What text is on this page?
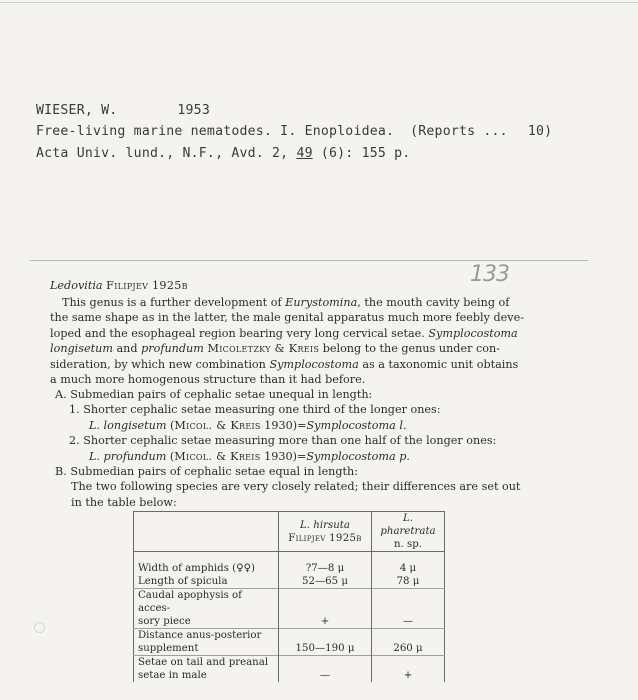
WIESER, W.	1953
Free-living marine nematodes. I. Enoploidea. (Reports ... 10)
Acta Univ. lund., N.F., Avd. 2, 49 (6): 155 p.
133
Ledovitia Filipjev 1925b
This genus is a further development of Eurystomina, the mouth cavity being of
the same shape as in the latter, the male genital apparatus much more feebly deve-
loped and the esophageal region bearing very long cervical setae. Symplocostoma
longisetum and profundum Micoletzky & Kreis belong to the genus under con-
sideration, by which new combination Symplocostoma as a taxonomic unit obtains
a much more homogenous structure than it had before.
A. Submedian pairs of cephalic setae unequal in length:
1. Shorter cephalic setae measuring one third of the longer ones:
L. longisetum (Micol. & Kreis 1930)=Symplocostoma l.
2. Shorter cephalic setae measuring more than one half of the longer ones:
L. profundum (Micol. & Kreis 1930)=Symplocostoma p.
B. Submedian pairs of cephalic setae equal in length:
The two following species are very closely related; their differences are set out
in the table below:
	L. hirsuta
Filipjev 1925b	L. pharetrata
n. sp.
Width of amphids (♀♀)	?7—8 μ	4 μ
Length of spicula	52—65 μ	78 μ
Caudal apophysis of acces-
sory piece	+	—
Distance anus-posterior
supplement	150—190 μ	260 μ
Setae on tail and preanal
setae in male	—	+
